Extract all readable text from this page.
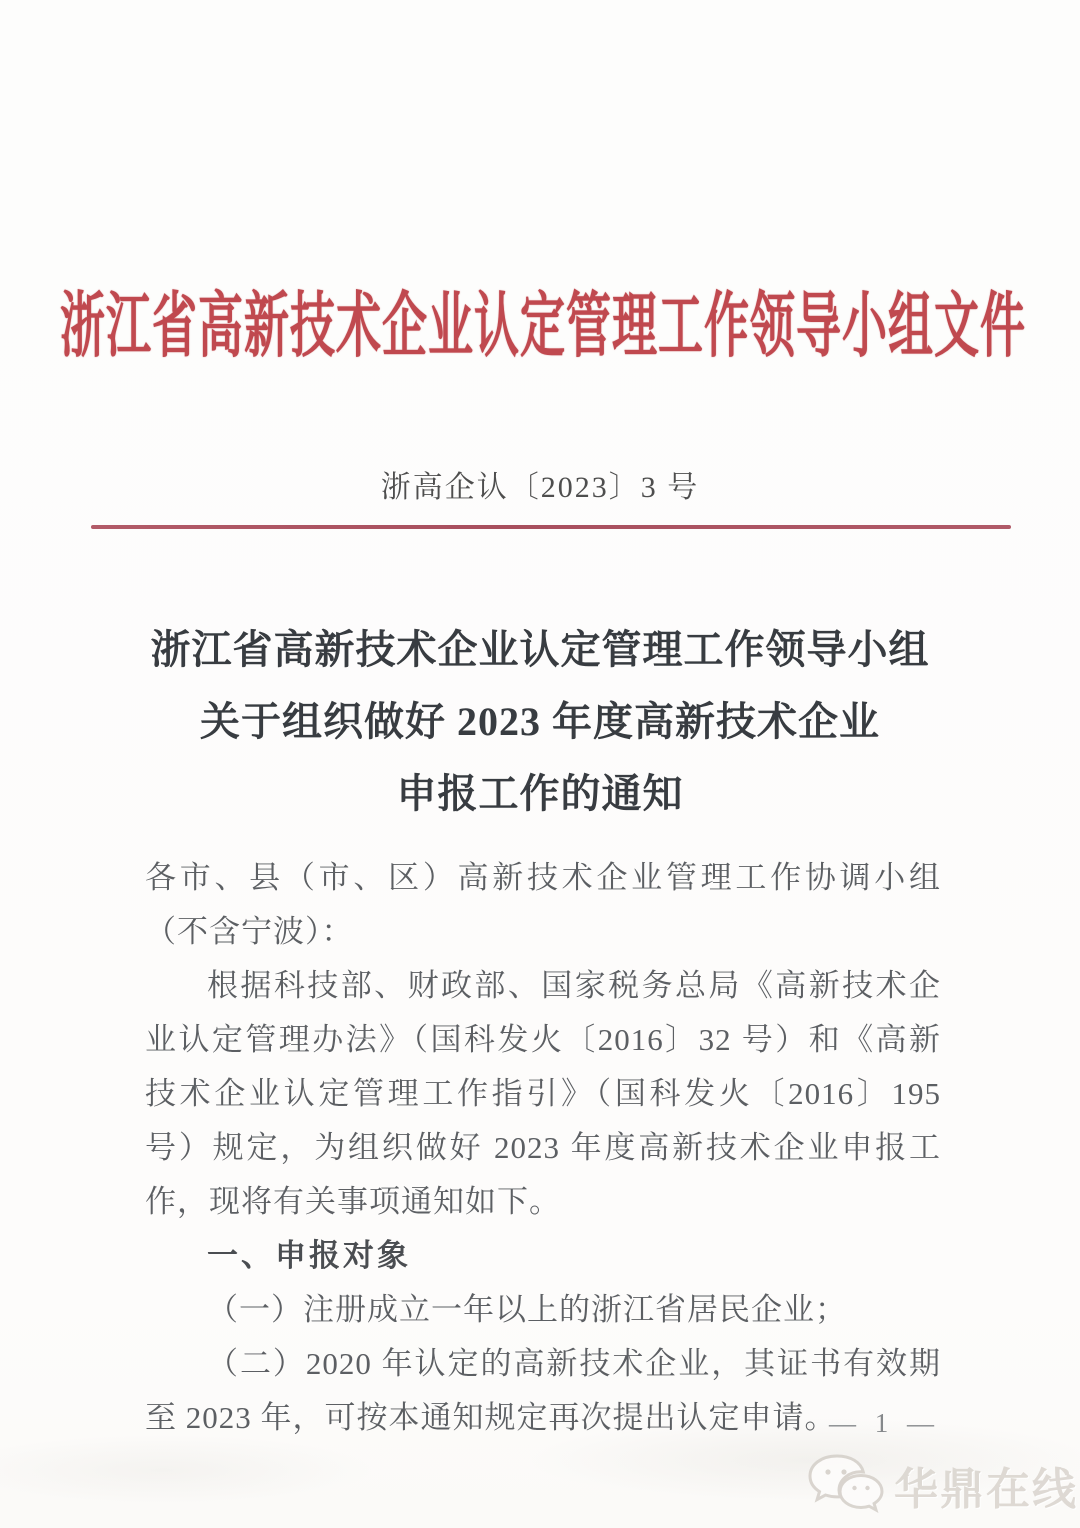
浙江省高新技术企业认定管理工作领导小组文件
浙高企认〔2023〕3 号
浙江省高新技术企业认定管理工作领导小组
关于组织做好 2023 年度高新技术企业
申报工作的通知

各市、县（市、区）高新技术企业管理工作协调小组（不含宁波）：

根据科技部、财政部、国家税务总局《高新技术企业认定管理办法》（国科发火〔2016〕32 号）和《高新技术企业认定管理工作指引》（国科发火〔2016〕195 号）规定，为组织做好 2023 年度高新技术企业申报工作，现将有关事项通知如下。

一、申报对象

（一）注册成立一年以上的浙江省居民企业；

（二）2020 年认定的高新技术企业，其证书有效期至 2023 年，可按本通知规定再次提出认定申请。

— 1 —
华鼎在线
